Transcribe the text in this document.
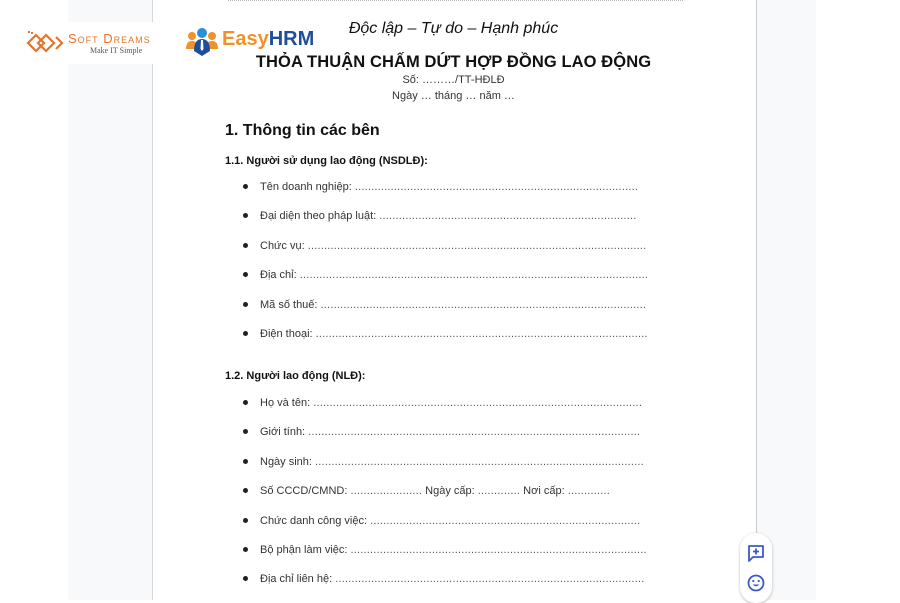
Soft Dreams
Make IT Simple
EasyHRM	Độc lập – Tự do – Hạnh phúc
THỎA THUẬN CHẤM DỨT HỢP ĐỒNG LAO ĐỘNG
Số: ………/TT-HĐLĐ
Ngày … tháng … năm …
1. Thông tin các bên
1.1. Người sử dụng lao động (NSDLĐ):
Tên doanh nghiệp: .......................................................................................
Đại diện theo pháp luật: ...............................................................................
Chức vụ: ........................................................................................................
Địa chỉ: ...........................................................................................................
Mã số thuế: ....................................................................................................
Điện thoại: ......................................................................................................
1.2. Người lao động (NLĐ):
Họ và tên: .....................................................................................................
Giới tính: ......................................................................................................
Ngày sinh: .....................................................................................................
Số CCCD/CMND: ...................... Ngày cấp: ............. Nơi cấp: .............
Chức danh công việc: ...................................................................................
Bộ phận làm việc: ...........................................................................................
Địa chỉ liên hệ: ...............................................................................................
